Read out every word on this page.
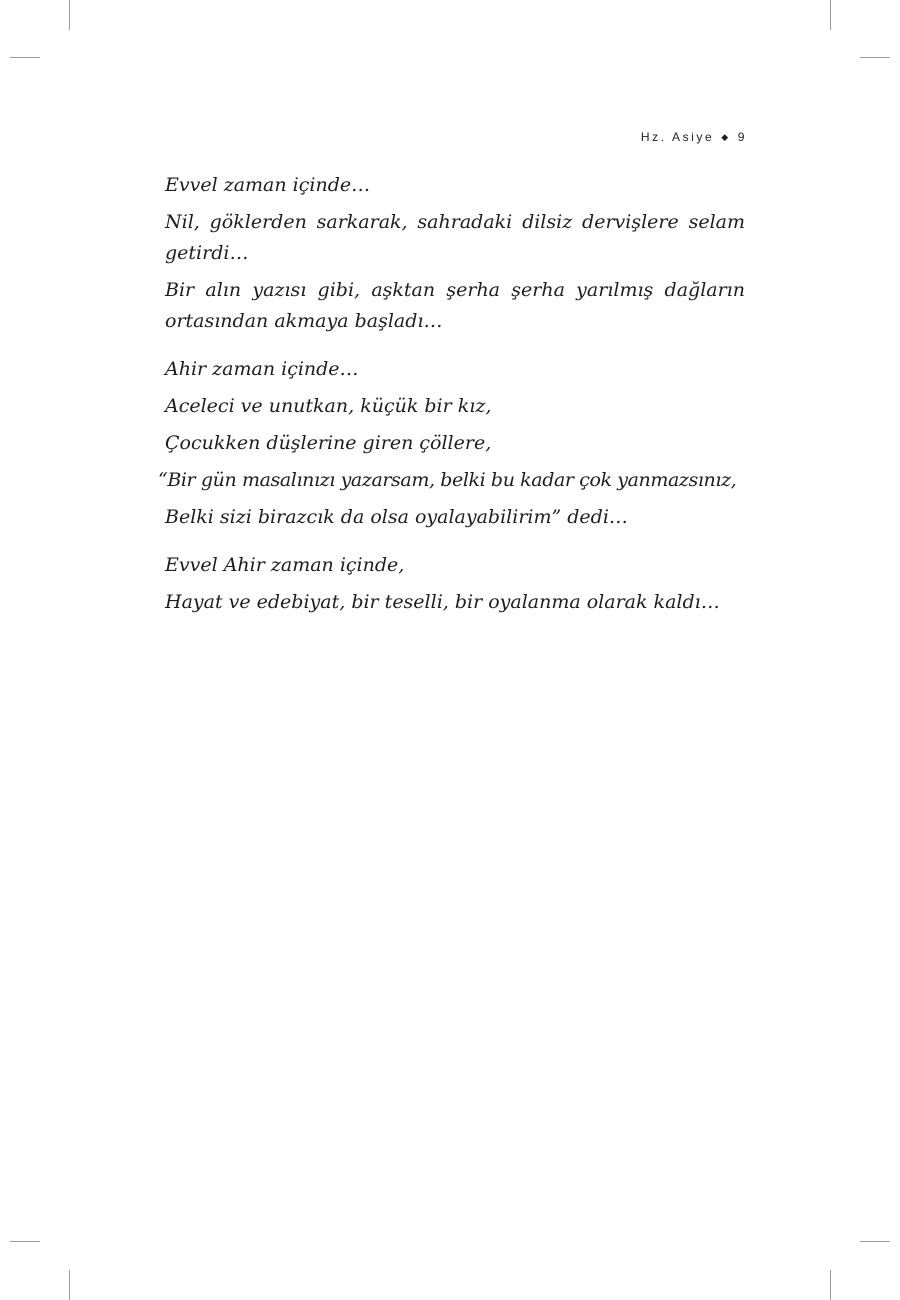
Hz. Asiye ◆ 9

Evvel zaman içinde…

Nil, göklerden sarkarak, sahradaki dilsiz dervişlere selam getirdi…

Bir alın yazısı gibi, aşktan şerha şerha yarılmış dağların ortasından akmaya başladı…

Ahir zaman içinde…

Aceleci ve unutkan, küçük bir kız,

Çocukken düşlerine giren çöllere,

“Bir gün masalınızı yazarsam, belki bu kadar çok yanmazsınız,

Belki sizi birazcık da olsa oyalayabilirim” dedi…

Evvel Ahir zaman içinde,

Hayat ve edebiyat, bir teselli, bir oyalanma olarak kaldı…
